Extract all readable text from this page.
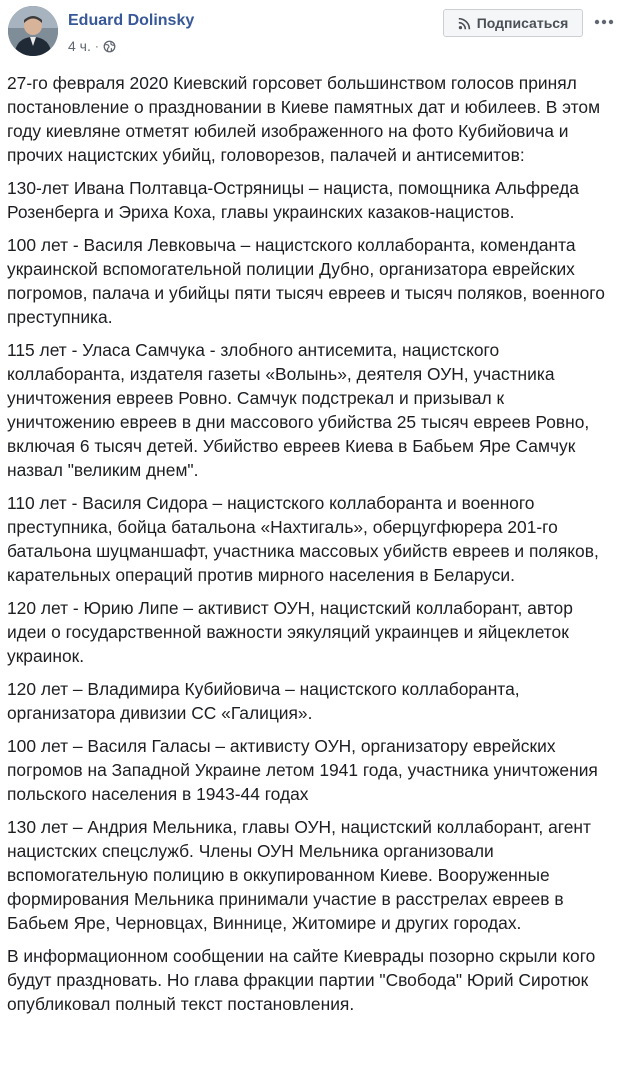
Eduard Dolinsky
4 ч. ·
Подписаться

27-го февраля 2020 Киевский горсовет большинством голосов принял постановление о праздновании в Киеве памятных дат и юбилеев. В этом году киевляне отметят юбилей изображенного на фото Кубийовича и прочих нацистских убийц, головорезов, палачей и антисемитов:

130-лет Ивана Полтавца-Остряницы – нациста, помощника Альфреда Розенберга и Эриха Коха, главы украинских казаков-нацистов.

100 лет - Василя Левковыча – нацистского коллаборанта, коменданта украинской вспомогательной полиции Дубно, организатора еврейских погромов, палача и убийцы пяти тысяч евреев и тысяч поляков, военного преступника.

115 лет - Уласа Самчука - злобного антисемита, нацистского коллаборанта, издателя газеты «Волынь», деятеля ОУН, участника уничтожения евреев Ровно. Самчук подстрекал и призывал к уничтожению евреев в дни массового убийства 25 тысяч евреев Ровно, включая 6 тысяч детей. Убийство евреев Киева в Бабьем Яре Самчук назвал "великим днем".

110 лет - Василя Сидора – нацистского коллаборанта и военного преступника, бойца батальона «Нахтигаль», оберцугфюрера 201-го батальона шуцманшафт, участника массовых убийств евреев и поляков, карательных операций против мирного населения в Беларуси.

120 лет - Юрию Липе – активист ОУН, нацистский коллаборант, автор идеи о государственной важности эякуляций украинцев и яйцеклеток украинок.

120 лет – Владимира Кубийовича – нацистского коллаборанта, организатора дивизии СС «Галиция».

100 лет – Василя Галасы – активисту ОУН, организатору еврейских погромов на Западной Украине летом 1941 года, участника уничтожения польского населения в 1943-44 годах

130 лет – Андрия Мельника, главы ОУН, нацистский коллаборант, агент нацистских спецслужб. Члены ОУН Мельника организовали вспомогательную полицию в оккупированном Киеве. Вооруженные формирования Мельника принимали участие в расстрелах евреев в Бабьем Яре, Черновцах, Виннице, Житомире и других городах.

В информационном сообщении на сайте Киеврады позорно скрыли кого будут праздновать. Но глава фракции партии "Свобода" Юрий Сиротюк опубликовал полный текст постановления.
